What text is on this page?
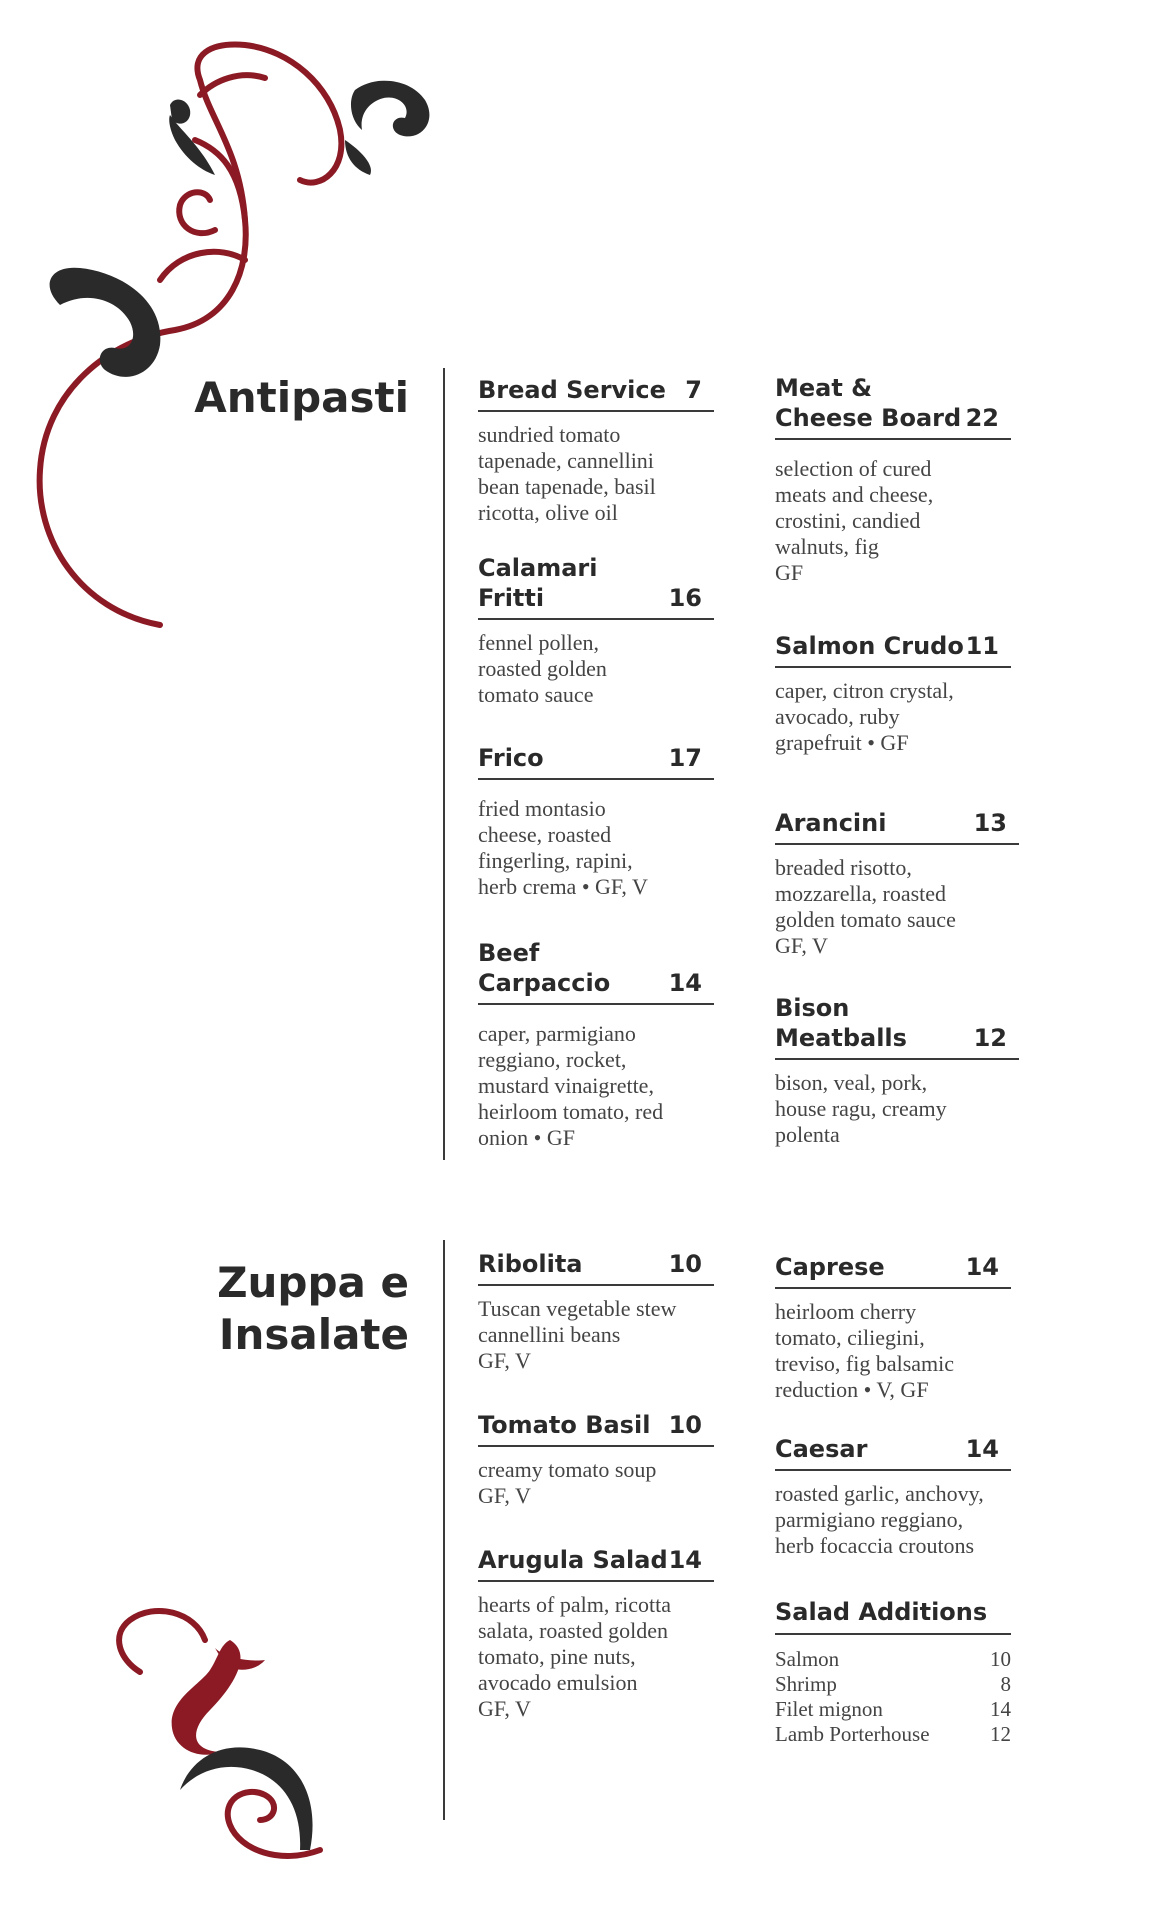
Antipasti	Bread Service 7
sundried tomato
tapenade, cannellini
bean tapenade, basil
ricotta, olive oil
Calamari Fritti	16
fennel pollen,
roasted golden
tomato sauce
Frico	17
fried montasio
cheese, roasted
fingerling, rapini,
herb crema • GF, V
Beef Carpaccio	14
caper, parmigiano
reggiano, rocket,
mustard vinaigrette,
heirloom tomato, red
onion • GF
Meat & Cheese Board 22
selection of cured
meats and cheese,
crostini, candied
walnuts, fig
GF
Salmon Crudo 11
caper, citron crystal,
avocado, ruby
grapefruit • GF
Arancini	13
breaded risotto,
mozzarella, roasted
golden tomato sauce
GF, V
Bison Meatballs	12
bison, veal, pork,
house ragu, creamy
polenta
Zuppa e
Insalate
Ribolita	10
Tuscan vegetable stew
cannellini beans
GF, V
Tomato Basil 10
creamy tomato soup
GF, V
Arugula Salad 14
hearts of palm, ricotta
salata, roasted golden
tomato, pine nuts,
avocado emulsion
GF, V
Caprese	14
heirloom cherry
tomato, ciliegini,
treviso, fig balsamic
reduction • V, GF
Caesar	14
roasted garlic, anchovy,
parmigiano reggiano,
herb focaccia croutons
Salad Additions
Salmon	10
Shrimp	8
Filet mignon	14
Lamb Porterhouse	12
